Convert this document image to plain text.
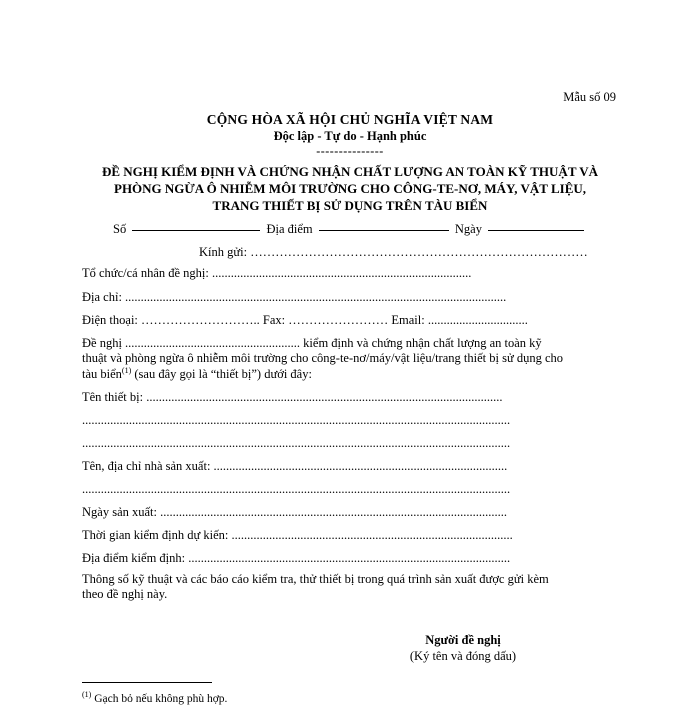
Mẫu số 09
CỘNG HÒA XÃ HỘI CHỦ NGHĨA VIỆT NAM
Độc lập - Tự do - Hạnh phúc
---------------
ĐỀ NGHỊ KIỂM ĐỊNH VÀ CHỨNG NHẬN CHẤT LƯỢNG AN TOÀN KỸ THUẬT VÀ
PHÒNG NGỪA Ô NHIỄM MÔI TRƯỜNG CHO CÔNG-TE-NƠ, MÁY, VẬT LIỆU,
TRANG THIẾT BỊ SỬ DỤNG TRÊN TÀU BIỂN
Số	Địa điểm	Ngày
Kính gửi: ………………………………………………………………………
Tổ chức/cá nhân đề nghị: ...................................................................................
Địa chỉ: ..........................................................................................................................
Điện thoại: ……………………….. Fax: …………………… Email: ................................
Đề nghị ........................................................ kiểm định và chứng nhận chất lượng an toàn kỹ
thuật và phòng ngừa ô nhiễm môi trường cho công-te-nơ/máy/vật liệu/trang thiết bị sử dụng cho
tàu biển$^{(1)}$ (sau đây gọi là “thiết bị”) dưới đây:
Tên thiết bị: ..................................................................................................................
.........................................................................................................................................
.........................................................................................................................................
Tên, địa chỉ nhà sản xuất: ..............................................................................................
.........................................................................................................................................
Ngày sản xuất: ...............................................................................................................
Thời gian kiểm định dự kiến: ..........................................................................................
Địa điểm kiểm định: .......................................................................................................
Thông số kỹ thuật và các báo cáo kiểm tra, thử thiết bị trong quá trình sản xuất được gửi kèm
theo đề nghị này.
Người đề nghị
(Ký tên và đóng dấu)
$^{(1)}$ Gạch bỏ nếu không phù hợp.
